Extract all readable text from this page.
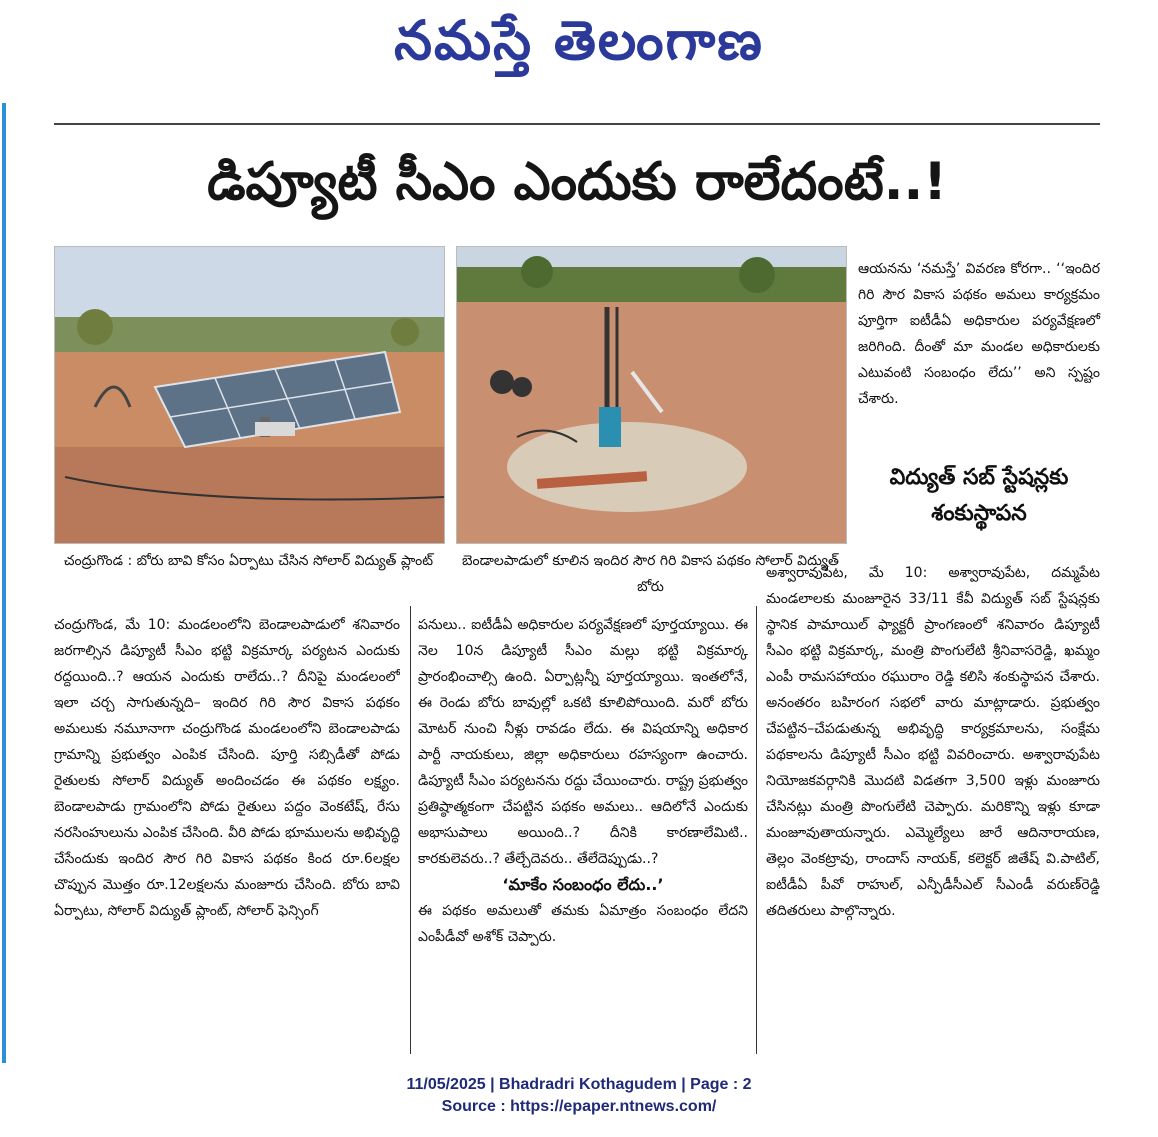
నమస్తే తెలంగాణ
డిప్యూటీ సీఎం ఎందుకు రాలేదంటే..!
చంద్రుగొండ : బోరు బావి కోసం ఏర్పాటు చేసిన సోలార్ విద్యుత్ ప్లాంట్	బెండాలపాడులో కూలిన ఇందిర సౌర గిరి వికాస పథకం సోలార్ విద్యుత్ బోరు
ఆయనను ‘నమస్తే’ వివరణ కోరగా.. ‘‘ఇందిర గిరి సౌర వికాస పథకం అమలు కార్యక్రమం పూర్తిగా ఐటీడీఏ అధికారుల పర్యవేక్షణలో జరిగింది. దీంతో మా మండల అధికారులకు ఎటువంటి సంబంధం లేదు’’ అని స్పష్టం చేశారు.
విద్యుత్ సబ్ స్టేషన్లకు శంకుస్థాపన
చంద్రుగొండ, మే 10: మండలంలోని బెండాలపాడులో శనివారం జరగాల్సిన డిప్యూటీ సీఎం భట్టి విక్రమార్క పర్యటన ఎందుకు రద్దయింది..? ఆయన ఎందుకు రాలేదు..? దీనిపై మండలంలో ఇలా చర్చ సాగుతున్నది– ఇందిర గిరి సౌర వికాస పథకం అమలుకు నమూనాగా చంద్రుగొండ మండలంలోని బెండాలపాడు గ్రామాన్ని ప్రభుత్వం ఎంపిక చేసింది. పూర్తి సబ్సిడీతో పోడు రైతులకు సోలార్ విద్యుత్ అందించడం ఈ పథకం లక్ష్యం. బెండాలపాడు గ్రామంలోని పోడు రైతులు పద్దం వెంకటేష్, రేసు నరసింహులును ఎంపిక చేసింది. వీరి పోడు భూములను అభివృద్ధి చేసేందుకు ఇందిర సౌర గిరి వికాస పథకం కింద రూ.6లక్షల చొప్పున మొత్తం రూ.12లక్షలను మంజూరు చేసింది. బోరు బావి ఏర్పాటు, సోలార్ విద్యుత్ ప్లాంట్, సోలార్ ఫెన్సింగ్
పనులు.. ఐటీడీఏ అధికారుల పర్యవేక్షణలో పూర్తయ్యాయి. ఈ నెల 10న డిప్యూటీ సీఎం మల్లు భట్టి విక్రమార్క ప్రారంభించాల్సి ఉంది. ఏర్పాట్లన్నీ పూర్తయ్యాయి. ఇంతలోనే, ఈ రెండు బోరు బావుల్లో ఒకటి కూలిపోయింది. మరో బోరు మోటర్ నుంచి నీళ్లు రావడం లేదు. ఈ విషయాన్ని అధికార పార్టీ నాయకులు, జిల్లా అధికారులు రహస్యంగా ఉంచారు. డిప్యూటీ సీఎం పర్యటనను రద్దు చేయించారు. రాష్ట్ర ప్రభుత్వం ప్రతిష్ఠాత్మకంగా చేపట్టిన పథకం అమలు.. ఆదిలోనే ఎందుకు అభాసుపాలు అయింది..? దీనికి కారణాలేమిటి.. కారకులెవరు..? తేల్చేదెవరు.. తేలేదెప్పుడు..?
‘మాకేం సంబంధం లేదు..’
ఈ పథకం అమలుతో తమకు ఏమాత్రం సంబంధం లేదని ఎంపీడీవో అశోక్ చెప్పారు.
అశ్వారావుపేట, మే 10: అశ్వారావుపేట, దమ్మపేట మండలాలకు మంజూరైన 33/11 కేవీ విద్యుత్ సబ్ స్టేషన్లకు స్థానిక పామాయిల్ ఫ్యాక్టరీ ప్రాంగణంలో శనివారం డిప్యూటీ సీఎం భట్టి విక్రమార్క, మంత్రి పొంగులేటి శ్రీనివాసరెడ్డి, ఖమ్మం ఎంపీ రామసహాయం రఘురాం రెడ్డి కలిసి శంకుస్థాపన చేశారు. అనంతరం బహిరంగ సభలో వారు మాట్లాడారు. ప్రభుత్వం చేపట్టిన–చేపడుతున్న అభివృద్ధి కార్యక్రమాలను, సంక్షేమ పథకాలను డిప్యూటీ సీఎం భట్టి వివరించారు. అశ్వారావుపేట నియోజకవర్గానికి మొదటి విడతగా 3,500 ఇళ్లు మంజూరు చేసినట్లు మంత్రి పొంగులేటి చెప్పారు. మరికొన్ని ఇళ్లు కూడా మంజూవుతాయన్నారు. ఎమ్మెల్యేలు జారే ఆదినారాయణ, తెల్లం వెంకట్రావు, రాందాస్ నాయక్, కలెక్టర్ జితేష్ వి.పాటిల్, ఐటీడీఏ పీవో రాహుల్, ఎన్పీడీసీఎల్ సీఎండీ వరుణ్‌రెడ్డి తదితరులు పాల్గొన్నారు.
11/05/2025 | Bhadradri Kothagudem | Page : 2
Source : https://epaper.ntnews.com/
